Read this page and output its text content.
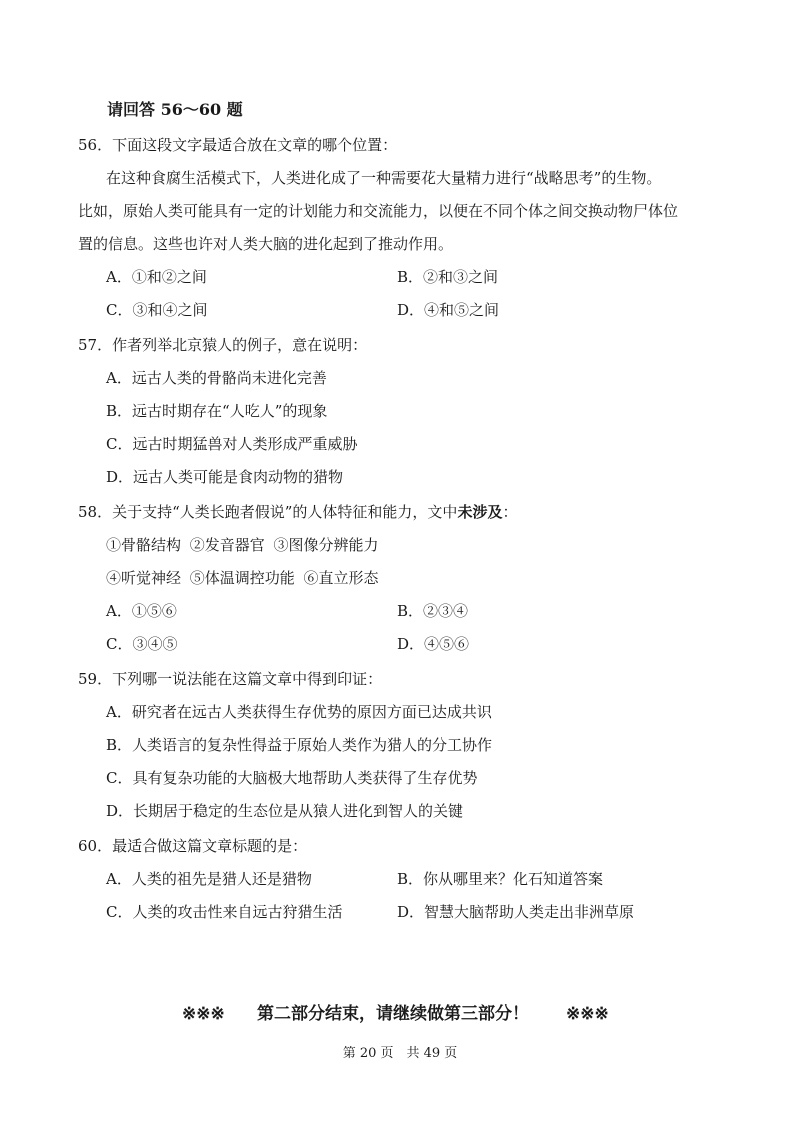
请回答 56～60 题
56．下面这段文字最适合放在文章的哪个位置：
在这种食腐生活模式下，人类进化成了一种需要花大量精力进行“战略思考”的生物。
比如，原始人类可能具有一定的计划能力和交流能力，以便在不同个体之间交换动物尸体位
置的信息。这些也许对人类大脑的进化起到了推动作用。
A．①和②之间	B．②和③之间
C．③和④之间	D．④和⑤之间
57．作者列举北京猿人的例子，意在说明：
A．远古人类的骨骼尚未进化完善
B．远古时期存在“人吃人”的现象
C．远古时期猛兽对人类形成严重威胁
D．远古人类可能是食肉动物的猎物
58．关于支持“人类长跑者假说”的人体特征和能力，文中未涉及：
①骨骼结构 ②发音器官 ③图像分辨能力
④听觉神经 ⑤体温调控功能 ⑥直立形态
A．①⑤⑥	B．②③④
C．③④⑤	D．④⑤⑥
59．下列哪一说法能在这篇文章中得到印证：
A．研究者在远古人类获得生存优势的原因方面已达成共识
B．人类语言的复杂性得益于原始人类作为猎人的分工协作
C．具有复杂功能的大脑极大地帮助人类获得了生存优势
D．长期居于稳定的生态位是从猿人进化到智人的关键
60．最适合做这篇文章标题的是：
A．人类的祖先是猎人还是猎物	B．你从哪里来？化石知道答案
C．人类的攻击性来自远古狩猎生活	D．智慧大脑帮助人类走出非洲草原
※※※ 第二部分结束，请继续做第三部分！ ※※※
第 20 页　共 49 页
